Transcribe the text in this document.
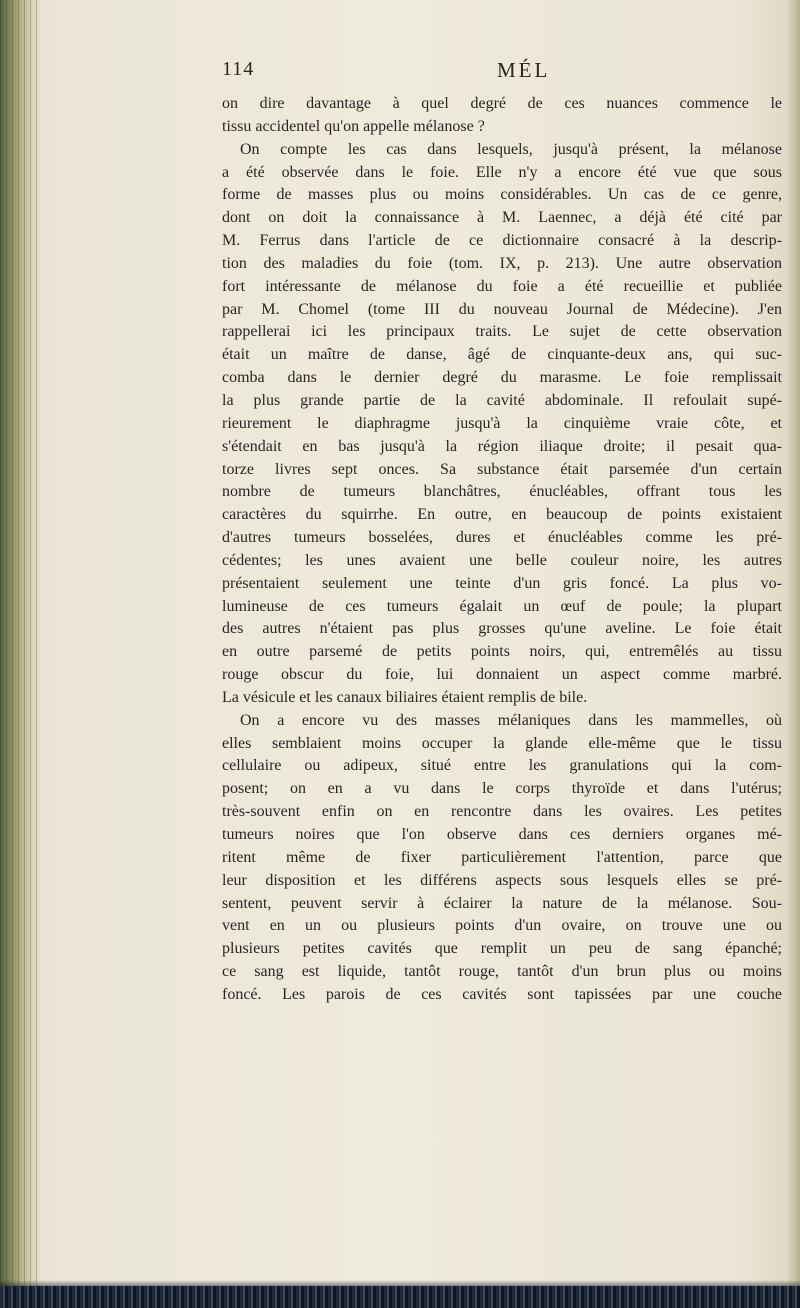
114	MÉL
on dire davantage à quel degré de ces nuances commence le
tissu accidentel qu'on appelle mélanose ?
On compte les cas dans lesquels, jusqu'à présent, la mélanose
a été observée dans le foie. Elle n'y a encore été vue que sous
forme de masses plus ou moins considérables. Un cas de ce genre,
dont on doit la connaissance à M. Laennec, a déjà été cité par
M. Ferrus dans l'article de ce dictionnaire consacré à la descrip-
tion des maladies du foie (tom. IX, p. 213). Une autre observation
fort intéressante de mélanose du foie a été recueillie et publiée
par M. Chomel (tome III du nouveau Journal de Médecine). J'en
rappellerai ici les principaux traits. Le sujet de cette observation
était un maître de danse, âgé de cinquante-deux ans, qui suc-
comba dans le dernier degré du marasme. Le foie remplissait
la plus grande partie de la cavité abdominale. Il refoulait supé-
rieurement le diaphragme jusqu'à la cinquième vraie côte, et
s'étendait en bas jusqu'à la région iliaque droite; il pesait qua-
torze livres sept onces. Sa substance était parsemée d'un certain
nombre de tumeurs blanchâtres, énucléables, offrant tous les
caractères du squirrhe. En outre, en beaucoup de points existaient
d'autres tumeurs bosselées, dures et énucléables comme les pré-
cédentes; les unes avaient une belle couleur noire, les autres
présentaient seulement une teinte d'un gris foncé. La plus vo-
lumineuse de ces tumeurs égalait un œuf de poule; la plupart
des autres n'étaient pas plus grosses qu'une aveline. Le foie était
en outre parsemé de petits points noirs, qui, entremêlés au tissu
rouge obscur du foie, lui donnaient un aspect comme marbré.
La vésicule et les canaux biliaires étaient remplis de bile.
On a encore vu des masses mélaniques dans les mammelles, où
elles semblaient moins occuper la glande elle-même que le tissu
cellulaire ou adipeux, situé entre les granulations qui la com-
posent; on en a vu dans le corps thyroïde et dans l'utérus;
très-souvent enfin on en rencontre dans les ovaires. Les petites
tumeurs noires que l'on observe dans ces derniers organes mé-
ritent même de fixer particulièrement l'attention, parce que
leur disposition et les différens aspects sous lesquels elles se pré-
sentent, peuvent servir à éclairer la nature de la mélanose. Sou-
vent en un ou plusieurs points d'un ovaire, on trouve une ou
plusieurs petites cavités que remplit un peu de sang épanché;
ce sang est liquide, tantôt rouge, tantôt d'un brun plus ou moins
foncé. Les parois de ces cavités sont tapissées par une couche
